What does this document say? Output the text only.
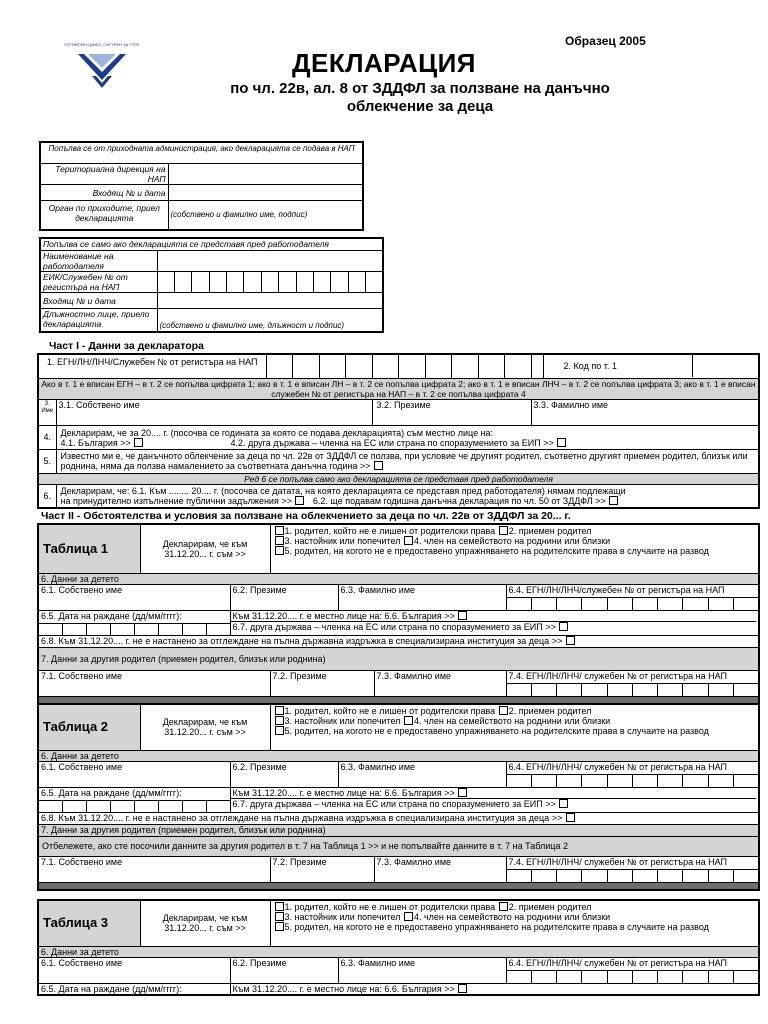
ОТГОВОРЕН ДНЕС, СИГУРЕН ЗА УТРЕ	Образец 2005
ДЕКЛАРАЦИЯ
по чл. 22в, ал. 8 от ЗДДФЛ за ползване на данъчно
облекчение за деца
Попълва се от приходната администрация, ако декларацията се подава в НАП	
Териториална дирекция на НАП	
Входящ № и дата	
Орган по приходите, приел декларацията	(собствено и фамилно име, подпис)
Попълва се само ако декларацията се представя пред работодателя													
Наименование на работодателя													
ЕИК/Служебен № от регистъра на НАП													
Входящ № и дата													
Длъжностно лице, приело декларацията	(собствено и фамилно име, длъжност и подпис)												
Част I - Данни за декларатора
1. ЕГН/ЛН/ЛНЧ/Служебен № от регистъра на НАП													2. Код по т. 1

Ако в т. 1 е вписан ЕГН – в т. 2 се попълва цифрата 1; ако в т. 1 е вписан ЛН – в т. 2 се попълва цифрата 2; ако в т. 1 е вписан ЛНЧ – в т. 2 се попълва цифрата 3; ако в т. 1 е вписан служебен № от регистъра на НАП – в т. 2 се попълва цифрата 4													
3. Име	3.1. Собствено име					3.2. Презиме						3.3. Фамилно име	
4.	Декларирам, че за 20.... г. (посочва се годината за която се подава декларацията) съм местно лице на:
4.1. България >> 4.2. друга държава – членка на ЕС или страна по споразумението за ЕИП >>												

5.	Известно ми е, че данъчното облекчение за деца по чл. 22в от ЗДДФЛ се ползва, при условие че другият родител, съответно другият приемен родител, близък или роднина, няма да ползва намалението за съответната данъчна година >>												
Ред 6 се попълва само ако декларацията се представя пред работодателя													
6.	Декларирам, че: 6.1. Към ........ 20.... г. (посочва се датата, на която декларацията се представя пред работодателя) нямам подлежащи
на принудително изпълнение публични задължения >> 6.2. ще подавам годишна данъчна декларация по чл. 50 от ЗДДФЛ >>												
Част II - Обстоятелства и условия за ползване на облекчението за деца по чл. 22в от ЗДДФЛ за 20... г.
Таблица 1	Декларирам, че към 31.12.20... г. съм >>		1. родител, който не е лишен от родителски права 2. приемен родител
3. настойник или попечител 4. член на семейството на роднини или близки
5. родител, на когото не е предоставено упражняването на родителските права в случаите на развод			

6. Данни за детето						
6.1. Собствено име		6.2. Презиме		6.3. Фамилно име		6.4. ЕГН/ЛН/ЛНЧ/служебен № от регистъра на НАП

6.5. Дата на раждане (дд/мм/гггг):		Към 31.12.20.... г. е местно лице на: 6.6. България >>
6.7. друга държава – членка на ЕС или страна по споразумението за ЕИП >>				

6.8. Към 31.12.20.... г. не е настанено за отглеждане на пълна държавна издръжка в специализирана институция за деца >>						
7. Данни за другия родител (приемен родител, близък или роднина)						
7.1. Собствено име			7.2. Презиме		7.3. Фамилно име	7.4. ЕГН/ЛН/ЛНЧ/ служебен № от регистъра на НАП

Таблица 2	Декларирам, че към 31.12.20... г. съм >>		1. родител, който не е лишен от родителски права 2. приемен родител
3. настойник или попечител 4. член на семейството на роднини или близки
5. родител, на когото не е предоставено упражняването на родителските права в случаите на развод			

6. Данни за детето						
6.1. Собствено име		6.2. Презиме		6.3. Фамилно име		6.4. ЕГН/ЛН/ЛНЧ/ служебен № от регистъра на НАП

6.5. Дата на раждане (дд/мм/гггг):		Към 31.12.20.... г. е местно лице на: 6.6. България >>
6.7. друга държава – членка на ЕС или страна по споразумението за ЕИП >>				

6.8. Към 31.12.20.... г. не е настанено за отглеждане на пълна държавна издръжка в специализирана институция за деца >>						
7. Данни за другия родител (приемен родител, близък или роднина)						
Отбележете, ако сте посочили данните за другия родител в т. 7 на Таблица 1 >> и не попълвайте данните в т. 7 на Таблица 2						
7.1. Собствено име			7.2. Презиме		7.3. Фамилно име	7.4. ЕГН/ЛН/ЛНЧ/ служебен № от регистъра на НАП

Таблица 3	Декларирам, че към 31.12.20... г. съм >>		1. родител, който не е лишен от родителски права 2. приемен родител
3. настойник или попечител 4. член на семейството на роднини или близки
5. родител, на когото не е предоставено упражняването на родителските права в случаите на развод		

6. Данни за детето					
6.1. Собствено име		6.2. Презиме		6.3. Фамилно име	6.4. ЕГН/ЛН/ЛНЧ/ служебен № от регистъра на НАП

6.5. Дата на раждане (дд/мм/гггг):		Към 31.12.20.... г. е местно лице на: 6.6. България >>			
